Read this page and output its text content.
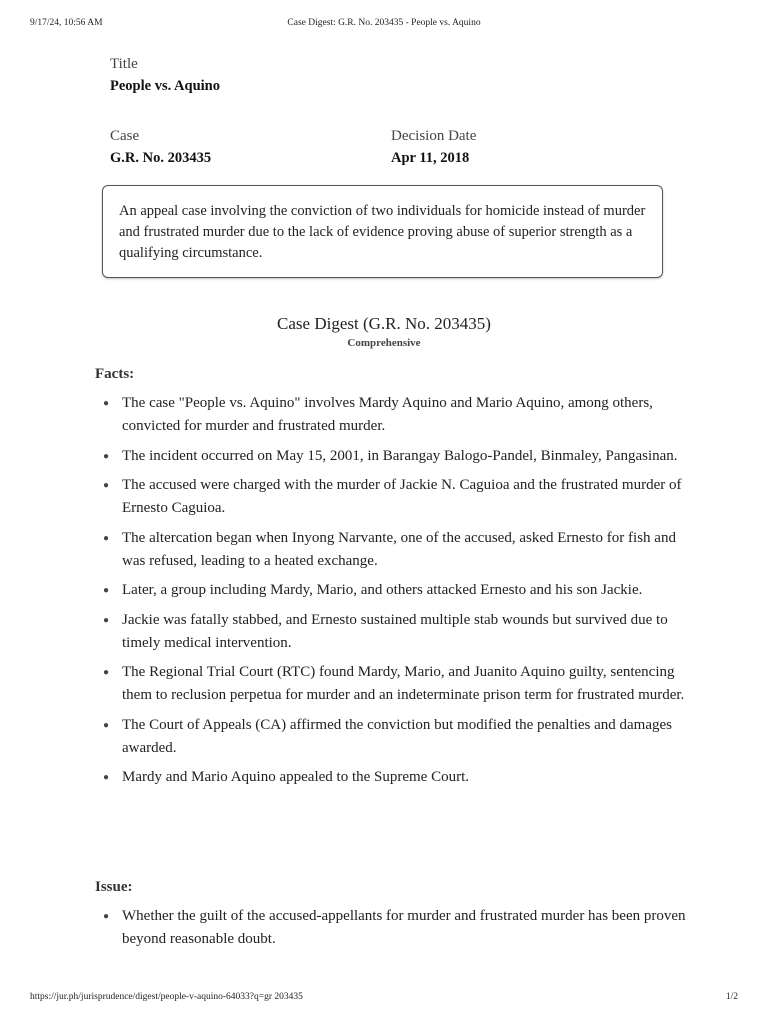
9/17/24, 10:56 AM	Case Digest: G.R. No. 203435 - People vs. Aquino
Title
People vs. Aquino
Case
G.R. No. 203435
Decision Date
Apr 11, 2018

An appeal case involving the conviction of two individuals for homicide instead of murder and frustrated murder due to the lack of evidence proving abuse of superior strength as a qualifying circumstance.

Case Digest (G.R. No. 203435)
Comprehensive
Facts:
● The case "People vs. Aquino" involves Mardy Aquino and Mario Aquino, among others, convicted for murder and frustrated murder.
● The incident occurred on May 15, 2001, in Barangay Balogo-Pandel, Binmaley, Pangasinan.
● The accused were charged with the murder of Jackie N. Caguioa and the frustrated murder of Ernesto Caguioa.
● The altercation began when Inyong Narvante, one of the accused, asked Ernesto for fish and was refused, leading to a heated exchange.
● Later, a group including Mardy, Mario, and others attacked Ernesto and his son Jackie.
● Jackie was fatally stabbed, and Ernesto sustained multiple stab wounds but survived due to timely medical intervention.
● The Regional Trial Court (RTC) found Mardy, Mario, and Juanito Aquino guilty, sentencing them to reclusion perpetua for murder and an indeterminate prison term for frustrated murder.
● The Court of Appeals (CA) affirmed the conviction but modified the penalties and damages awarded.
● Mardy and Mario Aquino appealed to the Supreme Court.
Issue:
● Whether the guilt of the accused-appellants for murder and frustrated murder has been proven beyond reasonable doubt.
https://jur.ph/jurisprudence/digest/people-v-aquino-64033?q=gr 203435	1/2
